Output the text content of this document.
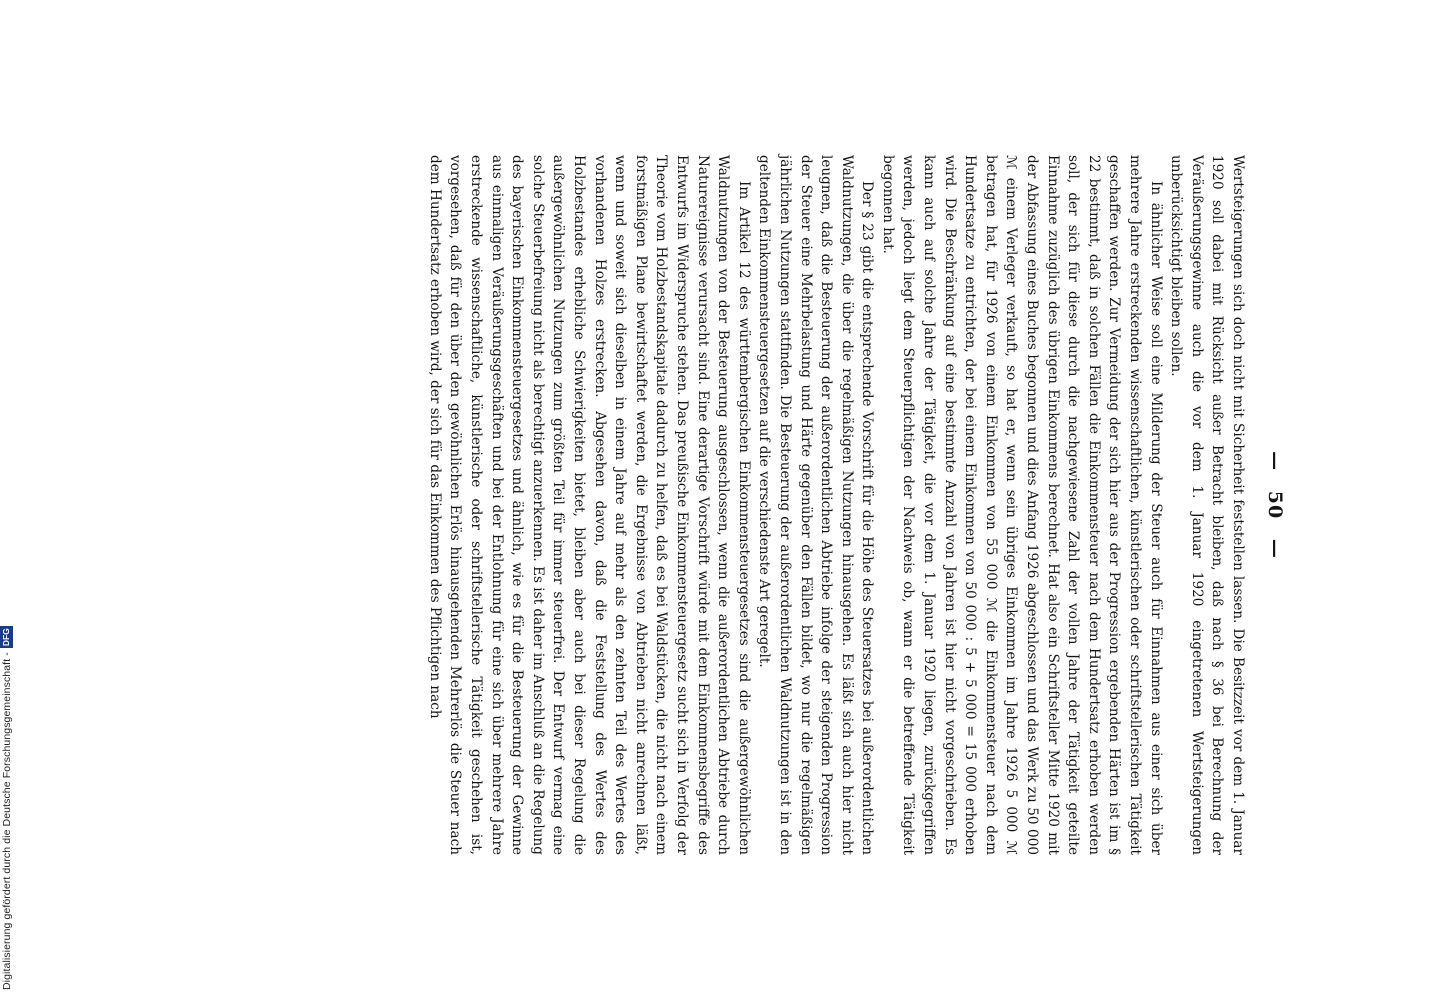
Digitalisierung gefördert durch die Deutsche Forschungsgemeinschaft -
DFG
— 50 —

Wertsteigerungen sich doch nicht mit Sicherheit feststellen lassen. Die Besitzzeit vor dem 1. Januar 1920 soll dabei mit Rücksicht außer Betracht bleiben, daß nach § 36 bei Berechnung der Veräußerungsgewinne auch die vor dem 1. Januar 1920 eingetretenen Wertsteigerungen unberücksichtigt bleiben sollen.

In ähnlicher Weise soll eine Milderung der Steuer auch für Einnahmen aus einer sich über mehrere Jahre erstreckenden wissenschaftlichen, künstlerischen oder schriftstellerischen Tätigkeit geschaffen werden. Zur Vermeidung der sich hier aus der Progression ergebenden Härten ist im § 22 bestimmt, daß in solchen Fällen die Einkommensteuer nach dem Hundertsatz erhoben werden soll, der sich für diese durch die nachgewiesene Zahl der vollen Jahre der Tätigkeit geteilte Einnahme zuzüglich des übrigen Einkommens berechnet. Hat also ein Schriftsteller Mitte 1920 mit der Abfassung eines Buches begonnen und dies Anfang 1926 abgeschlossen und das Werk zu 50 000 ℳ einem Verleger verkauft, so hat er, wenn sein übriges Einkommen im Jahre 1926 5 000 ℳ betragen hat, für 1926 von einem Einkommen von 55 000 ℳ die Einkommensteuer nach dem Hundertsatze zu entrichten, der bei einem Einkommen von 50 000 : 5 + 5 000 = 15 000 erhoben wird. Die Beschränkung auf eine bestimmte Anzahl von Jahren ist hier nicht vorgeschrieben. Es kann auch auf solche Jahre der Tätigkeit, die vor dem 1. Januar 1920 liegen, zurückgegriffen werden, jedoch liegt dem Steuerpflichtigen der Nachweis ob, wann er die betreffende Tätigkeit begonnen hat.

Der § 23 gibt die entsprechende Vorschrift für die Höhe des Steuersatzes bei außerordentlichen Waldnutzungen, die über die regelmäßigen Nutzungen hinausgehen. Es läßt sich auch hier nicht leugnen, daß die Besteuerung der außerordentlichen Abtriebe infolge der steigenden Progression der Steuer eine Mehrbelastung und Härte gegenüber den Fällen bildet, wo nur die regelmäßigen jährlichen Nutzungen stattfinden. Die Besteuerung der außerordentlichen Waldnutzungen ist in den geltenden Einkommensteuergesetzen auf die verschiedenste Art geregelt.

Im Artikel 12 des württembergischen Einkommensteuergesetzes sind die außergewöhnlichen Waldnutzungen von der Besteuerung ausgeschlossen, wenn die außerordentlichen Abtriebe durch Naturereignisse verursacht sind. Eine derartige Vorschrift würde mit dem Einkommensbegriffe des Entwurfs im Widerspruche stehen. Das preußische Einkommensteuergesetz sucht sich in Verfolg der Theorie vom Holzbestandskapitale dadurch zu helfen, daß es bei Waldstücken, die nicht nach einem forstmäßigen Plane bewirtschaftet werden, die Ergebnisse von Abtrieben nicht anrechnen läßt, wenn und soweit sich dieselben in einem Jahre auf mehr als den zehnten Teil des Wertes des vorhandenen Holzes erstrecken. Abgesehen davon, daß die Feststellung des Wertes des Holzbestandes erhebliche Schwierigkeiten bietet, bleiben aber auch bei dieser Regelung die außergewöhnlichen Nutzungen zum größten Teil für immer steuerfrei. Der Entwurf vermag eine solche Steuerbefreiung nicht als berechtigt anzuerkennen. Es ist daher im Anschluß an die Regelung des bayerischen Einkommensteuergesetzes und ähnlich, wie es für die Besteuerung der Gewinne aus einmaligen Veräußerungsgeschäften und bei der Entlohnung für eine sich über mehrere Jahre erstreckende wissenschaftliche, künstlerische oder schriftstellerische Tätigkeit geschehen ist, vorgesehen, daß für den über den gewöhnlichen Erlös hinausgehenden Mehrerlös die Steuer nach dem Hundertsatz erhoben wird, der sich für das Einkommen des Pflichtigen nach
